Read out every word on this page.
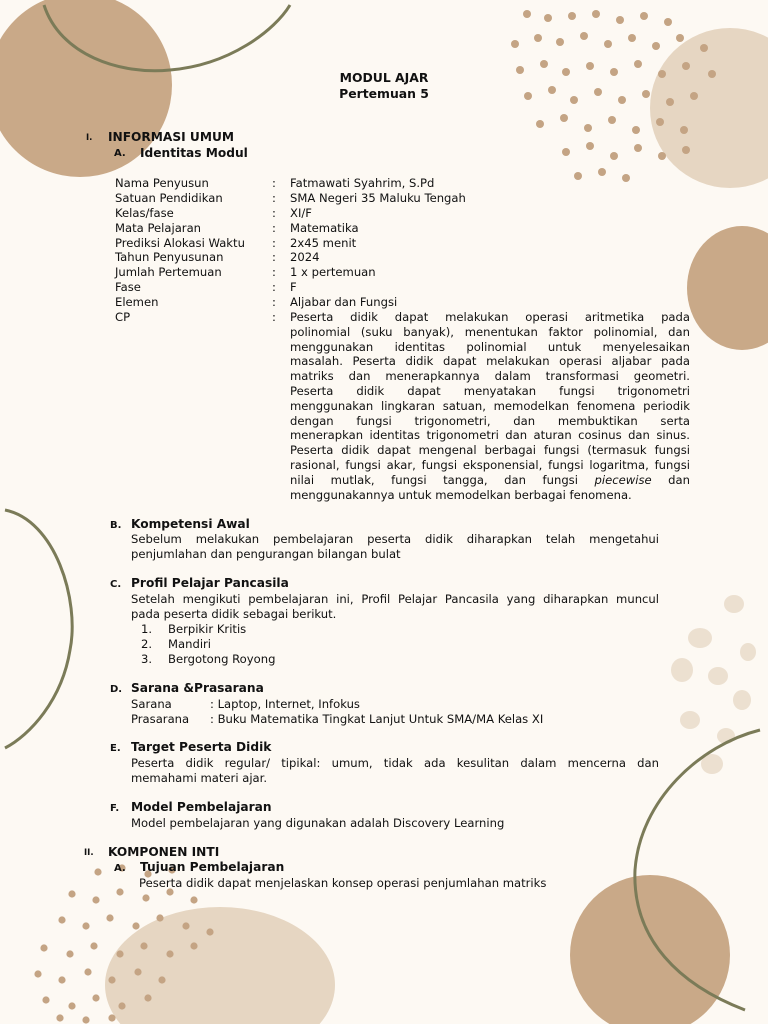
MODUL AJAR
Pertemuan 5
I. INFORMASI UMUM
A. Identitas Modul
Nama Penyusun	: Fatmawati Syahrim, S.Pd
Satuan Pendidikan	: SMA Negeri 35 Maluku Tengah
Kelas/fase	: XI/F
Mata Pelajaran	: Matematika
Prediksi Alokasi Waktu : 2x45 menit
Tahun Penyusunan	: 2024
Jumlah Pertemuan	: 1 x pertemuan
Fase	: F
Elemen	: Aljabar dan Fungsi
CP	: Peserta didik dapat melakukan operasi aritmetika pada
polinomial (suku banyak), menentukan faktor polinomial, dan
menggunakan identitas polinomial untuk menyelesaikan
masalah. Peserta didik dapat melakukan operasi aljabar pada
matriks dan menerapkannya dalam transformasi geometri.
Peserta didik dapat menyatakan fungsi trigonometri
menggunakan lingkaran satuan, memodelkan fenomena periodik
dengan fungsi trigonometri, dan membuktikan serta
menerapkan identitas trigonometri dan aturan cosinus dan sinus.
Peserta didik dapat mengenal berbagai fungsi (termasuk fungsi
rasional, fungsi akar, fungsi eksponensial, fungsi logaritma, fungsi
nilai mutlak, fungsi tangga, dan fungsi piecewise dan
menggunakannya untuk memodelkan berbagai fenomena.
B. Kompetensi Awal
Sebelum melakukan pembelajaran peserta didik diharapkan telah mengetahui
penjumlahan dan pengurangan bilangan bulat
C. Profil Pelajar Pancasila
Setelah mengikuti pembelajaran ini, Profil Pelajar Pancasila yang diharapkan muncul
pada peserta didik sebagai berikut.
1. Berpikir Kritis
2. Mandiri
3. Bergotong Royong
D. Sarana &Prasarana
Sarana	: Laptop, Internet, Infokus
Prasarana : Buku Matematika Tingkat Lanjut Untuk SMA/MA Kelas XI
E. Target Peserta Didik
Peserta didik regular/ tipikal: umum, tidak ada kesulitan dalam mencerna dan
memahami materi ajar.
F. Model Pembelajaran
Model pembelajaran yang digunakan adalah Discovery Learning
II. KOMPONEN INTI
A. Tujuan Pembelajaran
Peserta didik dapat menjelaskan konsep operasi penjumlahan matriks
